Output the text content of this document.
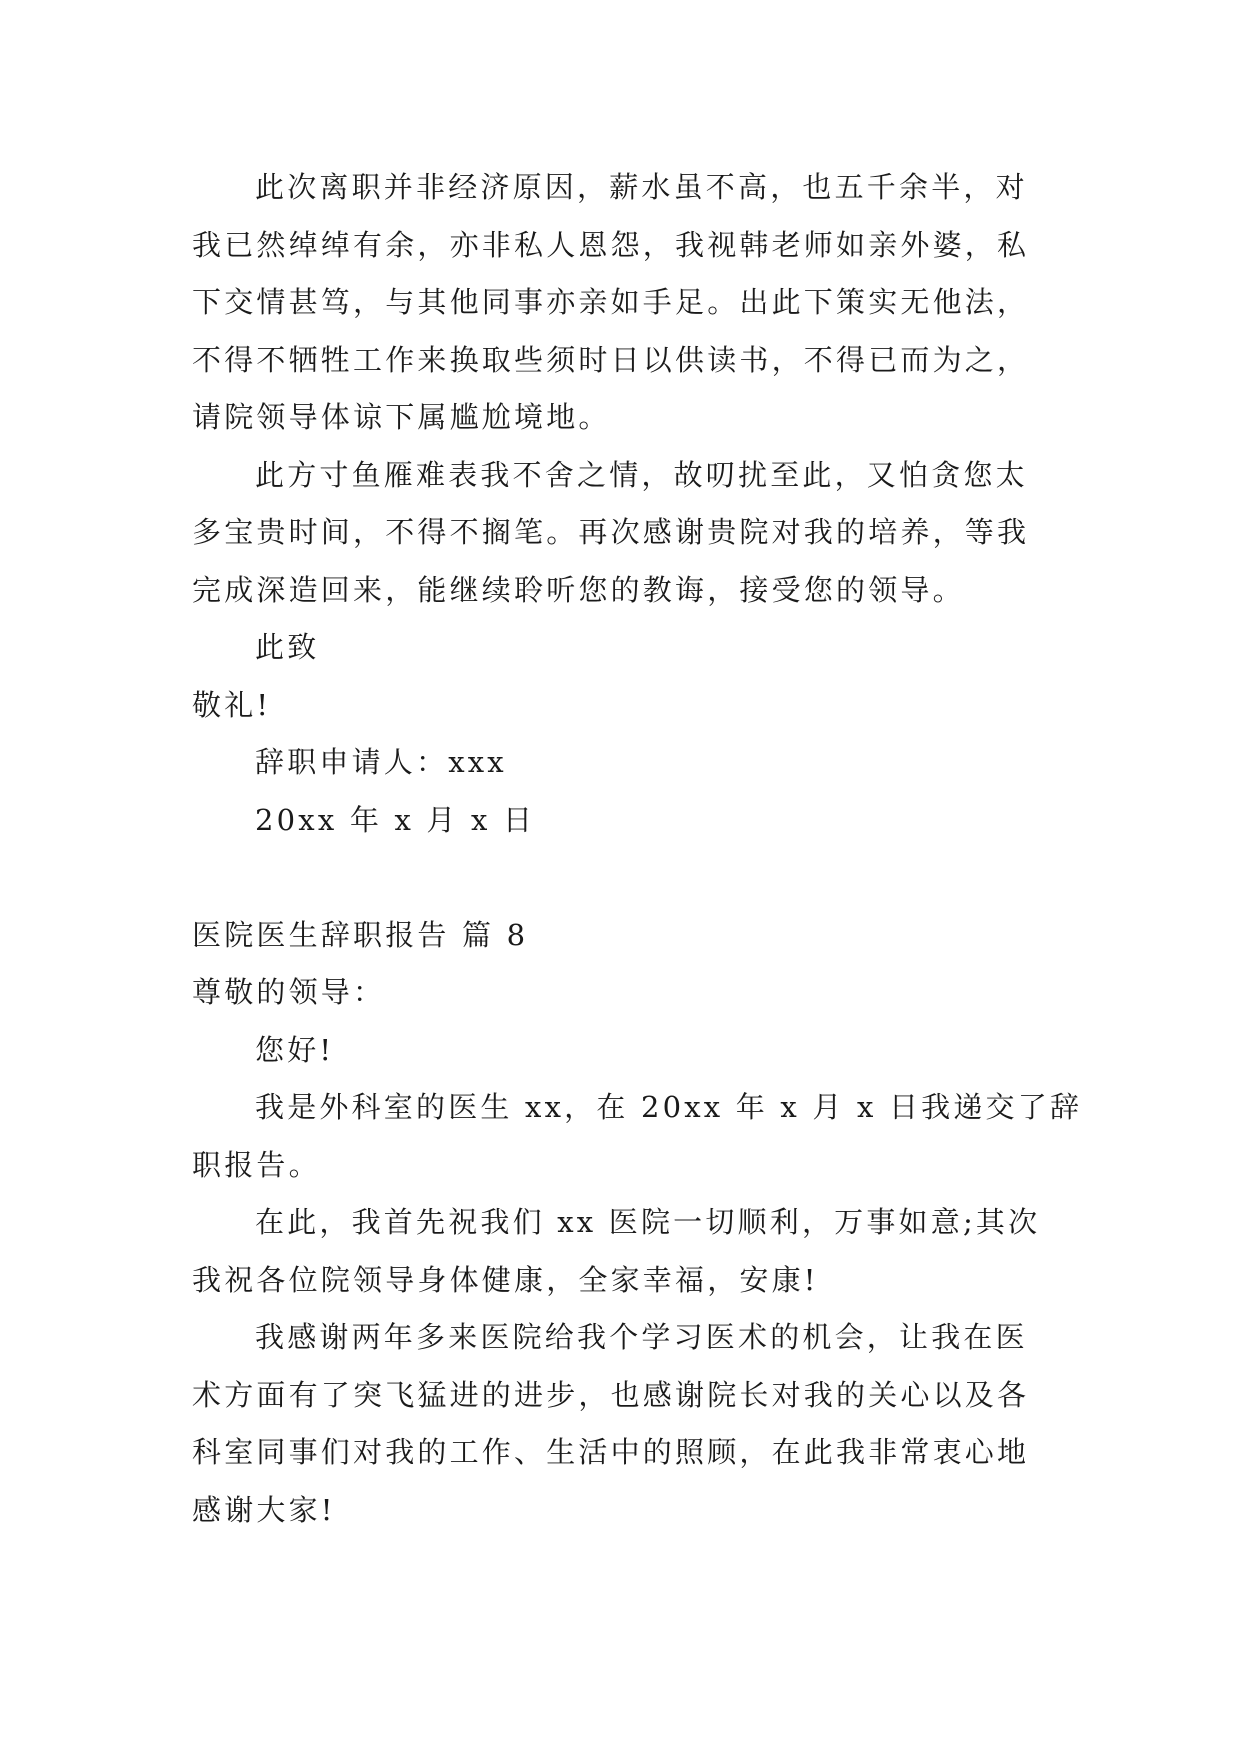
此次离职并非经济原因，薪水虽不高，也五千余半，对

我已然绰绰有余，亦非私人恩怨，我视韩老师如亲外婆，私

下交情甚笃，与其他同事亦亲如手足。出此下策实无他法，

不得不牺牲工作来换取些须时日以供读书，不得已而为之，

请院领导体谅下属尴尬境地。

此方寸鱼雁难表我不舍之情，故叨扰至此，又怕贪您太

多宝贵时间，不得不搁笔。再次感谢贵院对我的培养，等我

完成深造回来，能继续聆听您的教诲，接受您的领导。

此致

敬礼!

辞职申请人：xxx

20xx 年 x 月 x 日

医院医生辞职报告 篇 8

尊敬的领导：

您好!

我是外科室的医生 xx，在 20xx 年 x 月 x 日我递交了辞

职报告。

在此，我首先祝我们 xx 医院一切顺利，万事如意;其次

我祝各位院领导身体健康，全家幸福，安康!

我感谢两年多来医院给我个学习医术的机会，让我在医

术方面有了突飞猛进的进步，也感谢院长对我的关心以及各

科室同事们对我的工作、生活中的照顾，在此我非常衷心地

感谢大家!
